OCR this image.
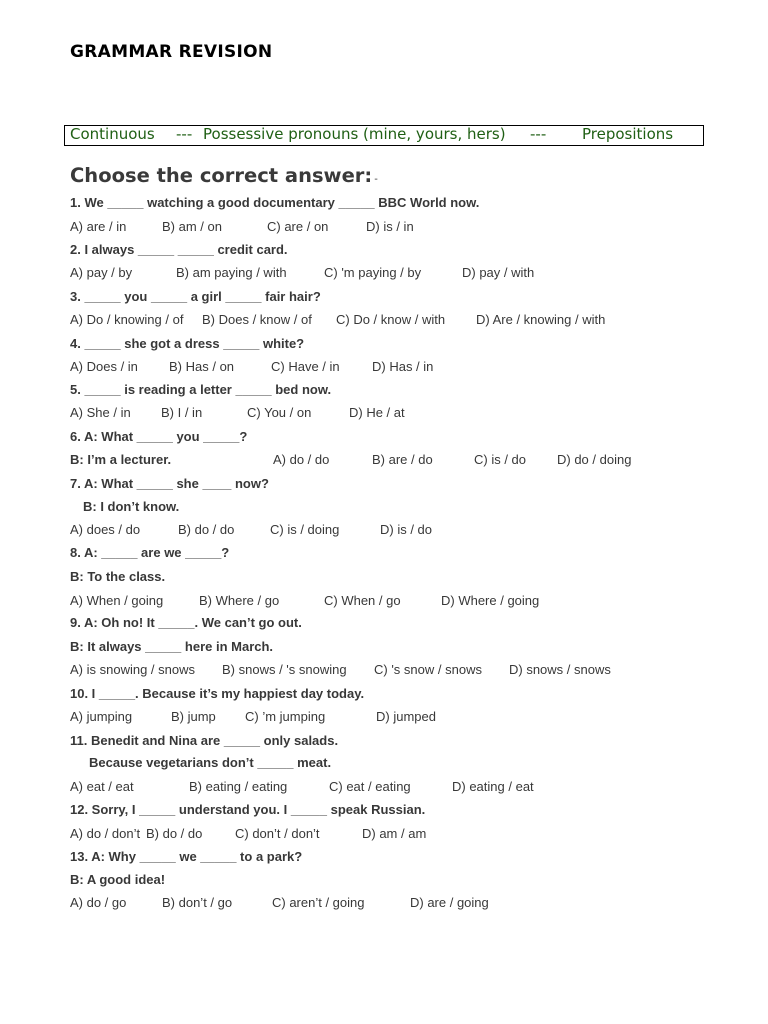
GRAMMAR REVISION
Continuous --- Possessive pronouns (mine, yours, hers) --- Prepositions
Choose the correct answer: -
1. We _____ watching a good documentary _____ BBC World now.
A) are / in	B) am / on	C) are / on	D) is / in
2. I always _____ _____ credit card.
A) pay / by	B) am paying / with	C) 'm paying / by	D) pay / with
3. _____ you _____ a girl _____ fair hair?
A) Do / knowing / of B) Does / know / of C) Do / know / with D) Are / knowing / with
4. _____ she got a dress _____ white?
A) Does / in B) Has / on	C) Have / in D) Has / in
5. _____ is reading a letter _____ bed now.
A) She / in B) I / in	C) You / on	D) He / at
6. A: What _____ you _____?
B: I’m a lecturer.	A) do / do	B) are / do	C) is / do D) do / doing
7. A: What _____ she ____ now?
B: I don’t know.
A) does / do	B) do / do	C) is / doing	D) is / do
8. A: _____ are we _____?
B: To the class.
A) When / going	B) Where / go	C) When / go	D) Where / going
9. A: Oh no! It _____. We can’t go out.
B: It always _____ here in March.
A) is snowing / snows B) snows / 's snowing C) 's snow / snows D) snows / snows
10. I _____. Because it’s my happiest day today.
A) jumping	B) jump C) ’m jumping	D) jumped
11. Benedit and Nina are _____ only salads.
Because vegetarians don’t _____ meat.
A) eat / eat	B) eating / eating	C) eat / eating	D) eating / eat
12. Sorry, I _____ understand you. I _____ speak Russian.
A) do / don’t B) do / do	C) don’t / don’t	D) am / am
13. A: Why _____ we _____ to a park?
B: A good idea!
A) do / go	B) don’t / go	C) aren’t / going	D) are / going
